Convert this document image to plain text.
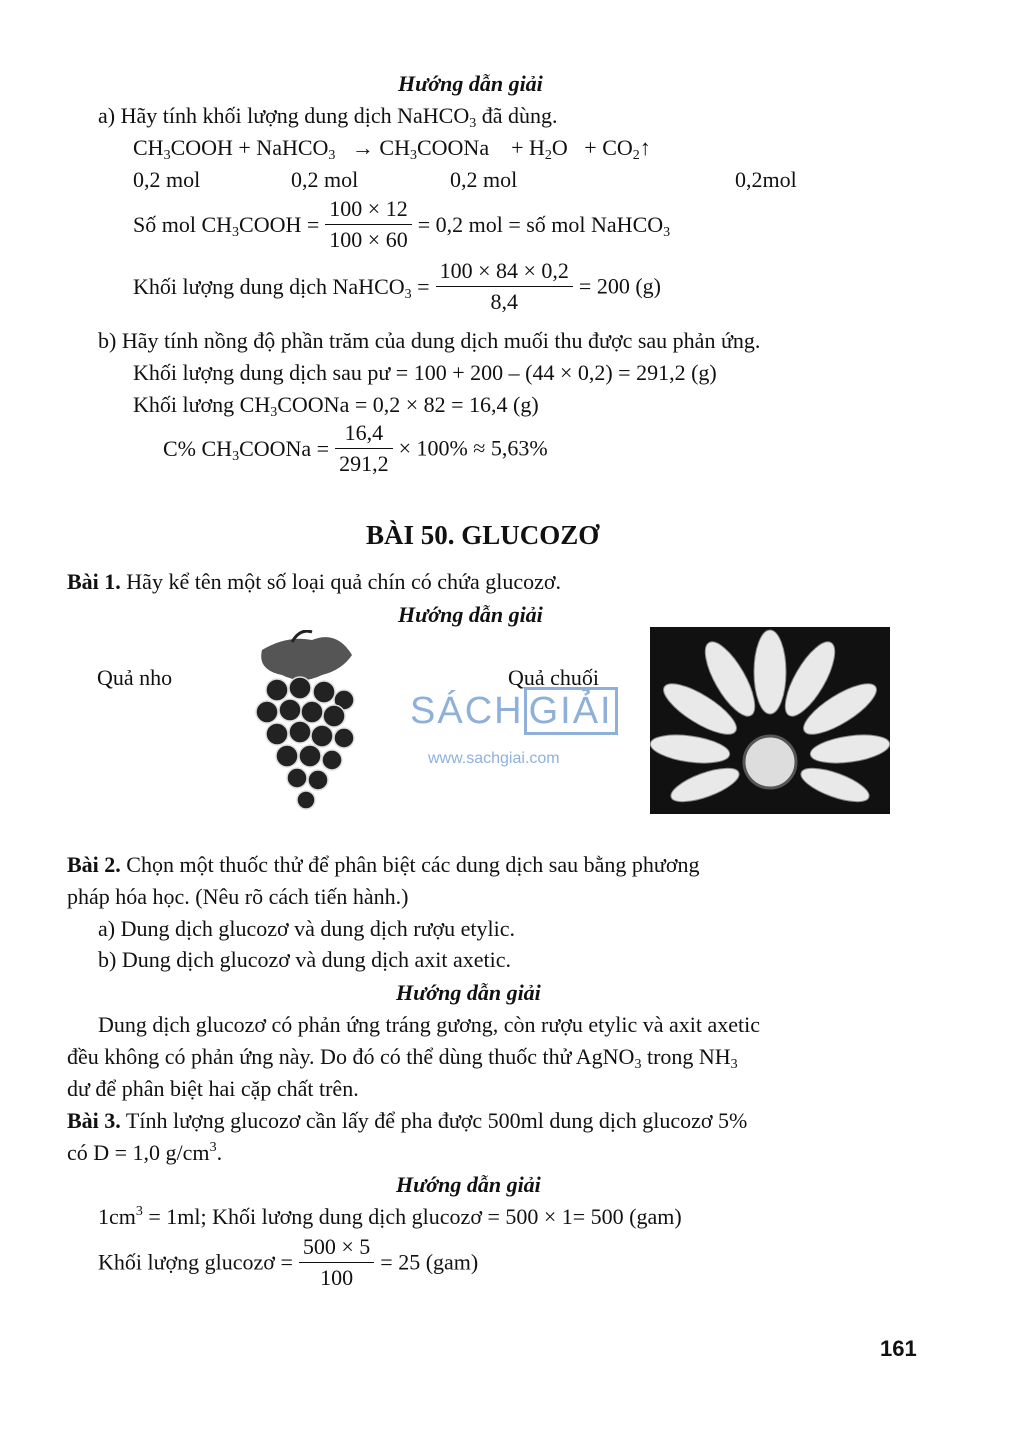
Hướng dẫn giải
a) Hãy tính khối lượng dung dịch NaHCO$_3$ đã dùng.
$CH_3COOH$ + NaHCO$_3$ → $CH_3COONa + H_2O$ + $CO_2↑$
0,2 mol	0,2 mol	0,2 mol	0,2mol
Số mol $CH_3COOH = \frac{100 \times 12}{100 \times 60} = 0,2$ mol = số mol NaHCO$_3$
Khối lượng dung dịch NaHCO$_3$ = $\frac{100 \times 84 \times 0,2}{8,4} = 200$ (g)
b) Hãy tính nồng độ phần trăm của dung dịch muối thu được sau phản ứng.
Khối lượng dung dịch sau pư = 100 + 200 – (44 × 0,2) = 291,2 (g)
Khối lương $CH_3COONa = 0,2 \times 82 = 16,4$ (g)
C% $CH_3COONa = \frac{16,4}{291,2} \times 100\% \approx 5,63\%$
BÀI 50. GLUCOZƠ
Bài 1. Hãy kể tên một số loại quả chín có chứa glucozơ.
Hướng dẫn giải
Quả nho	Quả chuối
SÁCH GIẢI
www.sachgiai.com
Bài 2. Chọn một thuốc thử để phân biệt các dung dịch sau bằng phương
pháp hóa học. (Nêu rõ cách tiến hành.)
a) Dung dịch glucozơ và dung dịch rượu etylic.
b) Dung dịch glucozơ và dung dịch axit axetic.
Hướng dẫn giải
Dung dịch glucozơ có phản ứng tráng gương, còn rượu etylic và axit axetic
đều không có phản ứng này. Do đó có thể dùng thuốc thử AgNO$_3$ trong $NH_3$
dư để phân biệt hai cặp chất trên.
Bài 3. Tính lượng glucozơ cần lấy để pha được 500ml dung dịch glucozơ 5%
có D = 1,0 $g/cm^3$.
Hướng dẫn giải
$1cm^3 = 1ml$; Khối lương dung dịch glucozơ = 500 × 1= 500 (gam)
Khối lượng glucozơ = $\frac{500 \times 5}{100} = 25$ (gam)
161
